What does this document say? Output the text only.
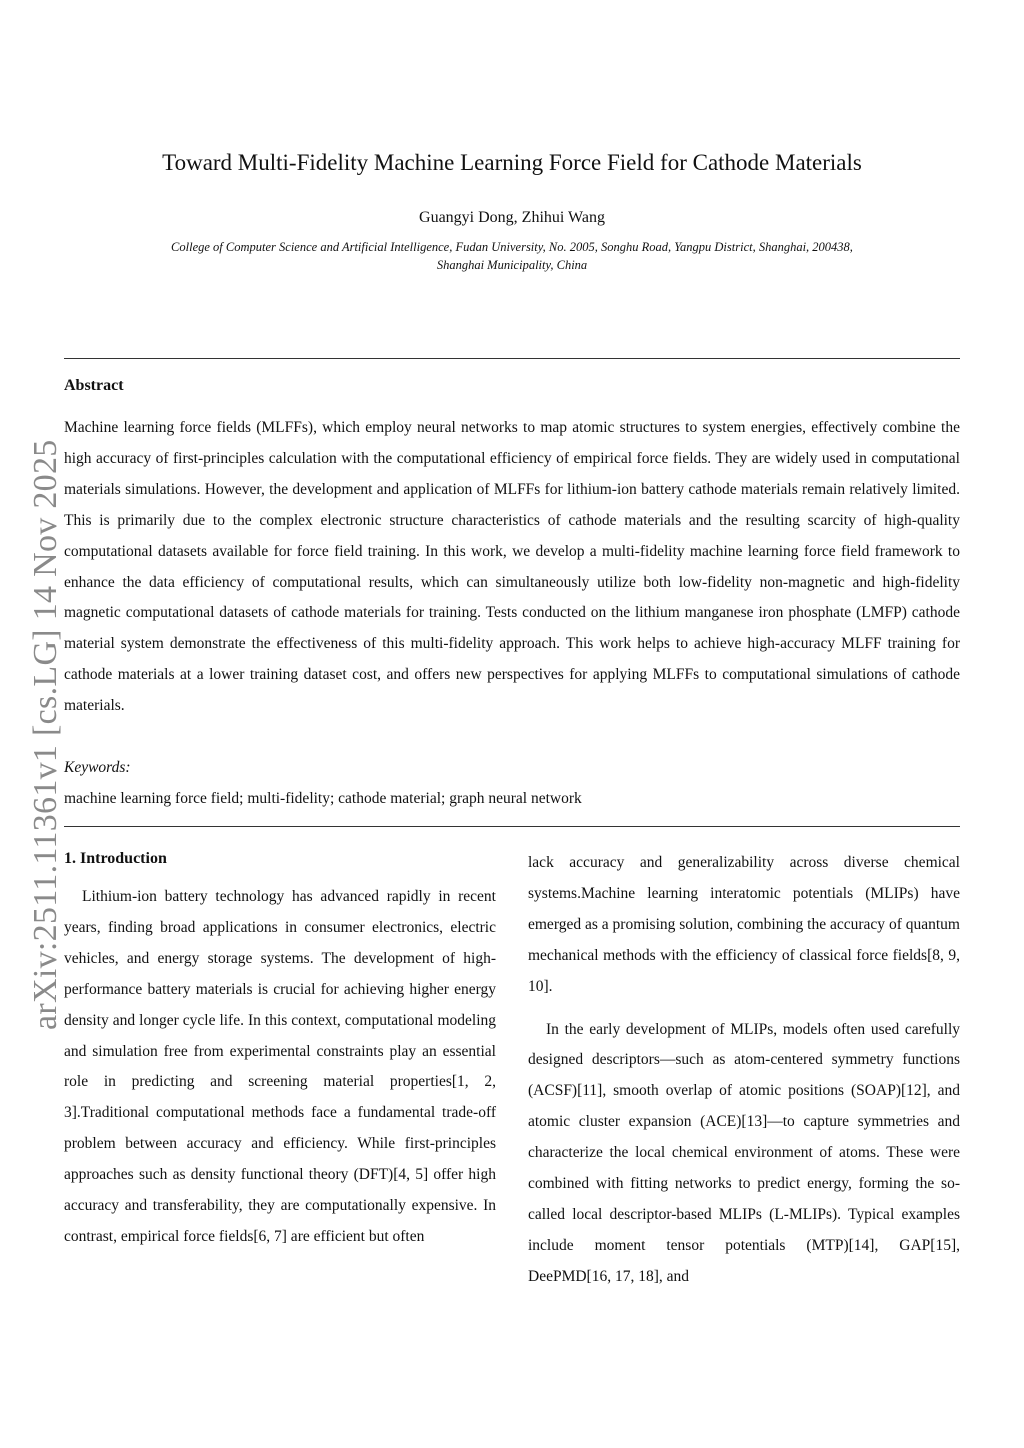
arXiv:2511.11361v1 [cs.LG] 14 Nov 2025
Toward Multi-Fidelity Machine Learning Force Field for Cathode Materials
Guangyi Dong, Zhihui Wang
College of Computer Science and Artificial Intelligence, Fudan University, No. 2005, Songhu Road, Yangpu District, Shanghai, 200438, Shanghai Municipality, China
Abstract

Machine learning force fields (MLFFs), which employ neural networks to map atomic structures to system energies, effectively combine the high accuracy of first-principles calculation with the computational efficiency of empirical force fields. They are widely used in computational materials simulations. However, the development and application of MLFFs for lithium-ion battery cathode materials remain relatively limited. This is primarily due to the complex electronic structure characteristics of cathode materials and the resulting scarcity of high-quality computational datasets available for force field training. In this work, we develop a multi-fidelity machine learning force field framework to enhance the data efficiency of computational results, which can simultaneously utilize both low-fidelity non-magnetic and high-fidelity magnetic computational datasets of cathode materials for training. Tests conducted on the lithium manganese iron phosphate (LMFP) cathode material system demonstrate the effectiveness of this multi-fidelity approach. This work helps to achieve high-accuracy MLFF training for cathode materials at a lower training dataset cost, and offers new perspectives for applying MLFFs to computational simulations of cathode materials.

Keywords:
machine learning force field; multi-fidelity; cathode material; graph neural network
1. Introduction

Lithium-ion battery technology has advanced rapidly in recent years, finding broad applications in consumer electronics, electric vehicles, and energy storage systems. The development of high-performance battery materials is crucial for achieving higher energy density and longer cycle life. In this context, computational modeling and simulation free from experimental constraints play an essential role in predicting and screening material properties[1, 2, 3].Traditional computational methods face a fundamental trade-off problem between accuracy and efficiency. While first-principles approaches such as density functional theory (DFT)[4, 5] offer high accuracy and transferability, they are computationally expensive. In contrast, empirical force fields[6, 7] are efficient but often

lack accuracy and generalizability across diverse chemical systems.Machine learning interatomic potentials (MLIPs) have emerged as a promising solution, combining the accuracy of quantum mechanical methods with the efficiency of classical force fields[8, 9, 10].

In the early development of MLIPs, models often used carefully designed descriptors—such as atom-centered symmetry functions (ACSF)[11], smooth overlap of atomic positions (SOAP)[12], and atomic cluster expansion (ACE)[13]—to capture symmetries and characterize the local chemical environment of atoms. These were combined with fitting networks to predict energy, forming the so-called local descriptor-based MLIPs (L-MLIPs). Typical examples include moment tensor potentials (MTP)[14], GAP[15], DeePMD[16, 17, 18], and
